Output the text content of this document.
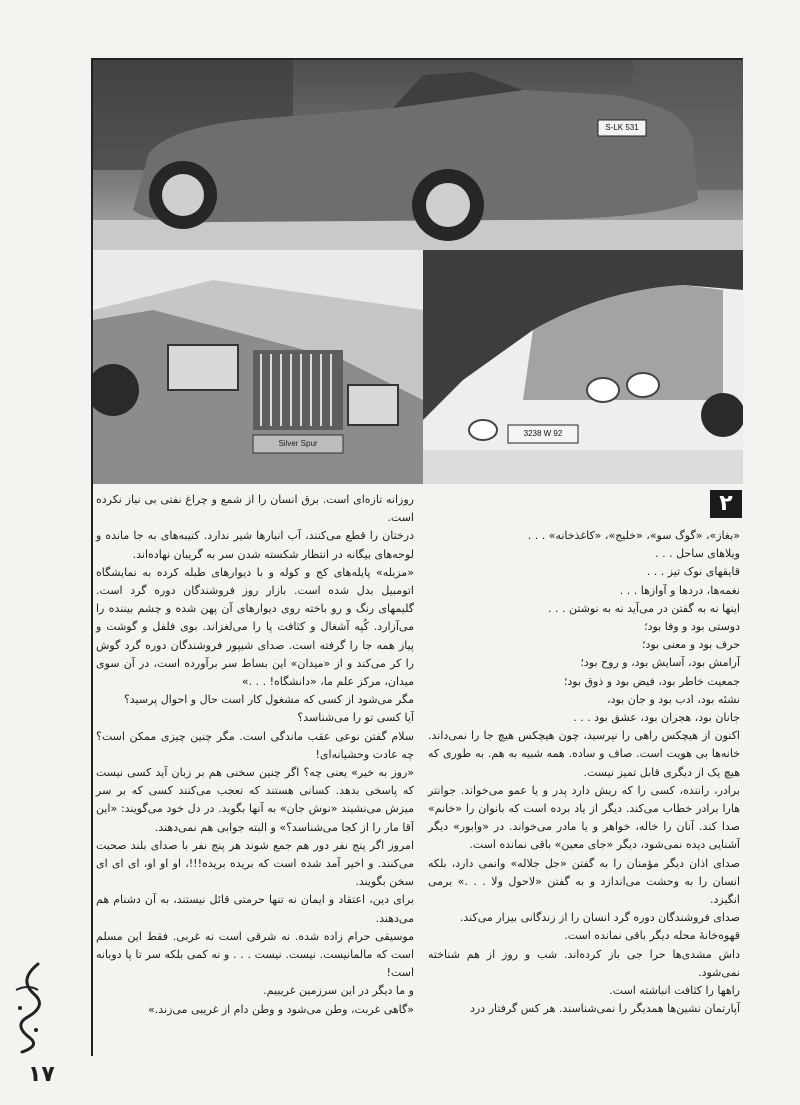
S-LK 531
Silver Spur
3238 W 92
۲

«بغاز»، «گوگ سو»، «خلیج»، «کاغذخانه» . . .

ویلاهای ساحل . . .

قایقهای نوک تیز . . .

نغمه‌ها، دردها و آوازها . . .

اینها نه به گفتن در می‌آید نه به نوشتن . . .

دوستی بود و وفا بود؛

حرف بود و معنی بود؛

آرامش بود، آسایش بود، و روح بود؛

جمعیت خاطر بود، فیض بود و ذوق بود؛

نشئه بود، ادب بود و جان بود،

جانان بود، هجران بود، عشق بود . . .

اکنون از هیچکس راهی را نپرسید، چون هیچکس هیچ جا را نمی‌داند. خانه‌ها بی هویت است. صاف و ساده. همه شبیه به هم. به طوری که هیچ یک از دیگری قابل تمیز نیست.

برادر، راننده، کسی را که ریش دارد پدر و یا عمو می‌خواند. جوانتر هارا برادر خطاب می‌کند. دیگر از یاد برده است که بانوان را «خانم» صدا کند. آنان را خاله، خواهر و یا مادر می‌خواند. در «وابور» دیگر آشنایی دیده نمی‌شود، دیگر «جای معین» باقی نمانده است.

صدای اذان دیگر مؤمنان را به گفتن «جل جلاله» وانمی دارد، بلکه انسان را به وحشت می‌اندازد و به گفتن «لاحول ولا . . .» برمی انگیزد.

صدای فروشندگان دوره گرد انسان را از زندگانی بیزار می‌کند.

قهوه‌خانهٔ محله دیگر باقی نمانده است.

داش مشدی‌ها حرا جی باز کرده‌اند. شب و روز از هم شناخته نمی‌شود.

راهها را کثافت انباشته است.

آپارتمان نشین‌ها همدیگر را نمی‌شناسند. هر کس گرفتار درد

روزانه تازه‌ای است. برق انسان را از شمع و چراغ نفتی بی نیاز نکرده است.

درختان را قطع می‌کنند، آب انبارها شیر ندارد. کتیبه‌های به جا مانده و لوحه‌های بیگانه در انتظار شکسته شدن سر به گریبان نهاده‌اند.

«مزبله» پایله‌های کج و کوله و با دیوارهای طبله کرده به نمایشگاه اتومبیل بدل شده است. بازار روز فروشندگان دوره گرد است. گلیمهای رنگ و رو باخته روی دیوارهای آن پهن شده و چشم بیننده را می‌آزارد. کُپه آشغال و کثافت پا را می‌لغزاند. بوی فلفل و گوشت و پیاز همه جا را گرفته است. صدای شیپور فروشندگان دوره گرد گوش را کر می‌کند و از «میدان» این بساط سر برآورده است، در آن سوی میدان، مرکز علم ما، «دانشگاه! . . .»

مگر می‌شود از کسی که مشغول کار است حال و احوال پرسید؟

آیا کسی تو را می‌شناسد؟

سلام گفتن نوعی عقب ماندگی است. مگر چنین چیزی ممکن است؟ چه عادت وحشیانه‌ای!

«روز به خیر» یعنی چه؟ اگر چنین سخنی هم بر زبان آید کسی نیست که پاسخی بدهد. کسانی هستند که تعجب می‌کنند کسی که بر سر میزش می‌نشیند «نوش جان» به آنها بگوید. در دل خود می‌گویند: «این آقا مار را از کجا می‌شناسد؟» و البته جوابی هم نمی‌دهند.

امروز اگر پنج نفر دور هم جمع شوند هر پنج نفر با صدای بلند صحبت می‌کنند. و اخیر آمد شده است که بریده بریده!!!، او او او، ای ای ای سخن بگویند.

برای دین، اعتقاد و ایمان نه تنها حرمتی قائل نیستند، به آن دشنام هم می‌دهند.

موسیقی حرام زاده شده. نه شرقی است نه غربی. فقط این مسلم است که مالمانیست. نیست. نیست . . . و نه کمی بلکه سر تا پا دوبانه است!

و ما دیگر در این سرزمین غریبیم.

«گاهی غربت، وطن می‌شود و وطن دام از غریبی می‌زند.»

١٧
